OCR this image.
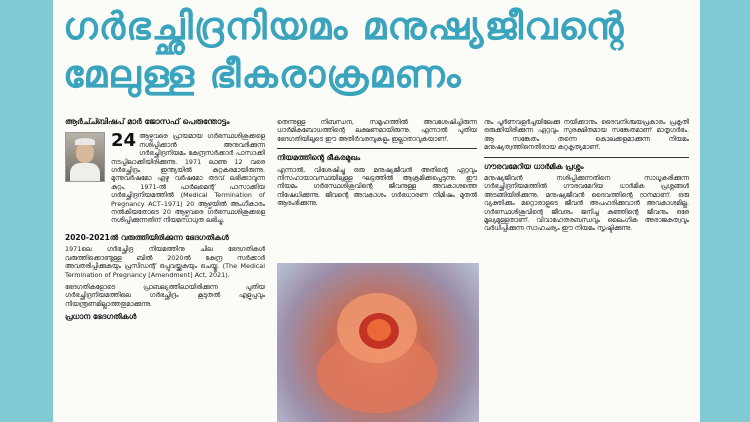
ഗർഭച്ഛിദ്രനിയമം മനുഷ്യജീവന്റെ
മേലുള്ള ഭീകരാക്രമണം
ആർച്ച്ബിഷപ് മാർ ജോസഫ് പെരുന്തോട്ടം
24 ആഴ്ചവരെ പ്രായമായ ഗർഭസ്ഥശിശുക്കളെ നശിപ്പിക്കാൻ അനുവദിക്കുന്ന ഗർഭച്ഛിദ്രനിയമം കേന്ദ്രസർക്കാർ പാസാക്കി നടപ്പിലാക്കിയിരിക്കുന്നു. 1971 ലാണു 12 വരെ ഗർഭച്ഛിദ്രം ഇന്ത്യയിൽ കുറ്റകരമായിരുന്നു. മുന്നുവർഷമോ ഏഴു വർഷമോ തടവ് ലഭിക്കാവുന്ന കുറ്റം. 1971-ൽ പാർലമെന്റ് പാസാക്കിയ ഗർഭച്ഛിദ്രനിയമത്തിൽ (Medical Termination of Pregnancy ACT–1971) 20 ആഴ്ചയിൽ അംഗീകാരം നൽകിയതോടെ 20 ആഴ്ചവരെ ഗർഭസ്ഥശിശുക്കളെ നശിപ്പിക്കുന്നതിന് നിയമസാധുത ലഭിച്ചു.
2020-2021ൽ വരുത്തിയിരിക്കുന്ന ഭേദഗതികൾ
1971ലെ ഗർഭച്ഛിദ്ര നിയമത്തിനു ചില ഭേദഗതികൾ വരുത്തിക്കൊണ്ടുള്ള ബിൽ 2020ൽ കേന്ദ്ര സർക്കാർ അവതരിപ്പിക്കുകയും പ്രസിഡന്റ് ഒപ്പുവയ്ക്കുകയും ചെയ്തു. (The Medical Termination of Pregnancy [Amendment] Act, 2021).
ഭേദഗതികളോടെ പ്രാബല്യത്തിലായിരിക്കുന്ന പുതിയ ഗർഭച്ഛിദ്രനിയമത്തിലെ ഗർഭച്ഛിദ്രം കൂടുതൽ എളുപ്പവും നിയന്ത്രണമില്ലാത്തതുമാക്കുന്നു.
പ്രധാന ഭേദഗതികൾ
തെന്നുള്ള നിബന്ധന, സമൂഹത്തിൽ അവശേഷിച്ചിരുന്ന ധാർമികബോധത്തിന്റെ ലക്ഷണമായിരുന്നു. എന്നാൽ പുതിയ ഭേദഗതിയിലൂടെ ഈ അതിർവരമ്പുകളും ഇല്ലാതാവുകയാണ്.
നിയമത്തിന്റെ ഭീകരമുഖം
എന്നാൽ, വിശേഷിച്ചു ഒരു മനുഷ്യജീവൻ അതിന്റെ ഏറ്റവും നിസഹായാവസ്ഥയിലുള്ള ഘട്ടത്തിൽ ആക്രമിക്കപ്പെടുന്നു. ഈ നിയമം ഗർഭസ്ഥശിശുവിന്റെ ജീവനുള്ള അവകാശത്തെ നിഷേധിക്കുന്നു. ജീവന്റെ അവകാശം ഗർഭധാരണ നിമിഷം മുതൽ ആരംഭിക്കുന്നു.
നും പൂർണവളർച്ചയിലേക്കു നയിക്കാനും ദൈവനിശ്ചയപ്രകാരം പ്രകൃതി ഒരുക്കിയിരിക്കുന്ന ഏറ്റവും സുരക്ഷിതമായ സങ്കേതമാണ് മാതൃഗർഭം. ആ സങ്കേതം തന്നെ കൊലക്കളമാക്കുന്ന നിയമം മനുഷ്യത്വത്തിനെതിരായ കുറ്റകൃത്യമാണ്.
ഗൗരവമേറിയ ധാർമിക പ്രശ്നം
മനുഷ്യജീവൻ നശിപ്പിക്കുന്നതിനെ സാധൂകരിക്കുന്ന ഗർഭച്ഛിദ്രനിയമത്തിൽ ഗൗരവമേറിയ ധാർമിക പ്രശ്നങ്ങൾ അടങ്ങിയിരിക്കുന്നു. മനുഷ്യജീവൻ ദൈവത്തിന്റെ ദാനമാണ്. ഒരു വ്യക്തിക്കും മറ്റൊരാളുടെ ജീവൻ അപഹരിക്കുവാൻ അവകാശമില്ല. ഗർഭസ്ഥശിശുവിന്റെ ജീവനും ജനിച്ച കുഞ്ഞിന്റെ ജീവനും ഒരേ മൂല്യമുള്ളതാണ്. വിവാഹേതരബന്ധവും ലൈംഗിക അരാജകത്വവും വർധിപ്പിക്കുന്ന സാഹചര്യം ഈ നിയമം സൃഷ്ടിക്കുന്നു.
